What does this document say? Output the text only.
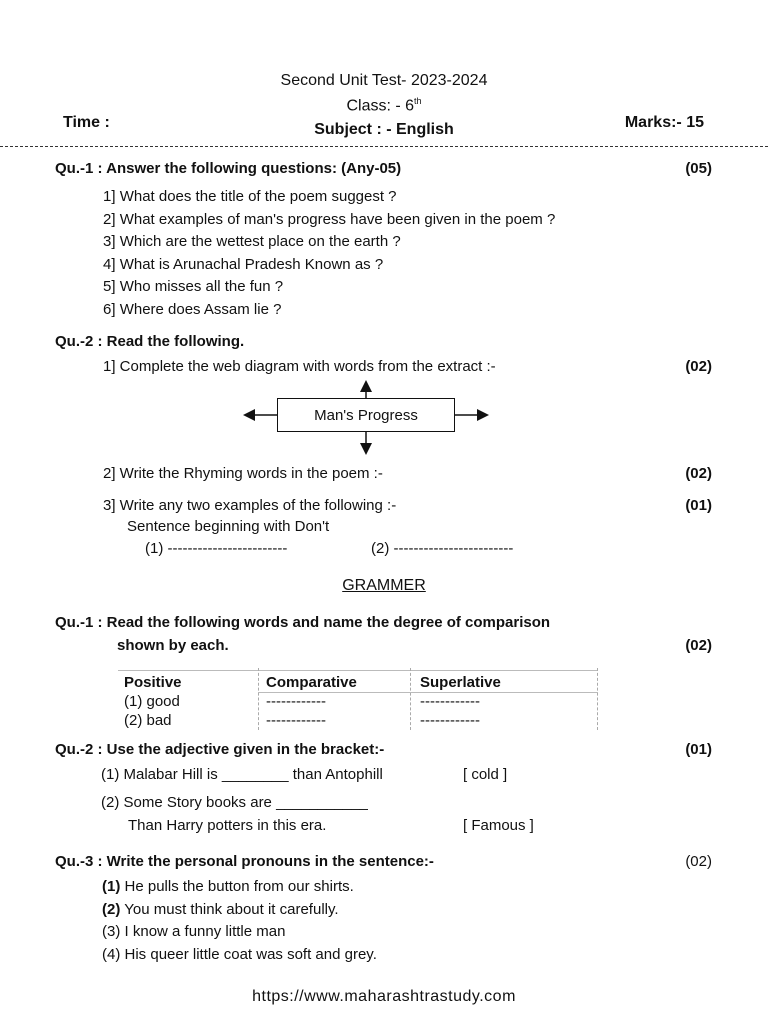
Second Unit Test- 2023-2024
Class: - 6th
Time :	Subject : - English	Marks:- 15
Qu.-1 : Answer the following questions: (Any-05)	(05)
1] What does the title of the poem suggest ?
2] What examples of man's progress have been given in the poem ?
3] Which are the wettest place on the earth ?
4] What is Arunachal Pradesh Known as ?
5] Who misses all the fun ?
6] Where does Assam lie ?
Qu.-2 : Read the following.
1] Complete the web diagram with words from the extract :-	(02)
Man's Progress
2] Write the Rhyming words in the poem :-	(02)
3] Write any two examples of the following :-	(01)
Sentence beginning with Don't
(1) ------------------------	(2) ------------------------
GRAMMER
Qu.-1 : Read the following words and name the degree of comparison
shown by each.	(02)
Positive	Comparative	Superlative
(1) good	------------	------------
(2) bad	------------	------------
Qu.-2 : Use the adjective given in the bracket:-	(01)
(1) Malabar Hill is ________ than Antophill	[ cold ]
(2) Some Story books are ___________
Than Harry potters in this era.	[ Famous ]
Qu.-3 : Write the personal pronouns in the sentence:-	(02)
(1) He pulls the button from our shirts.
(2) You must think about it carefully.
(3) I know a funny little man
(4) His queer little coat was soft and grey.
https://www.maharashtrastudy.com
